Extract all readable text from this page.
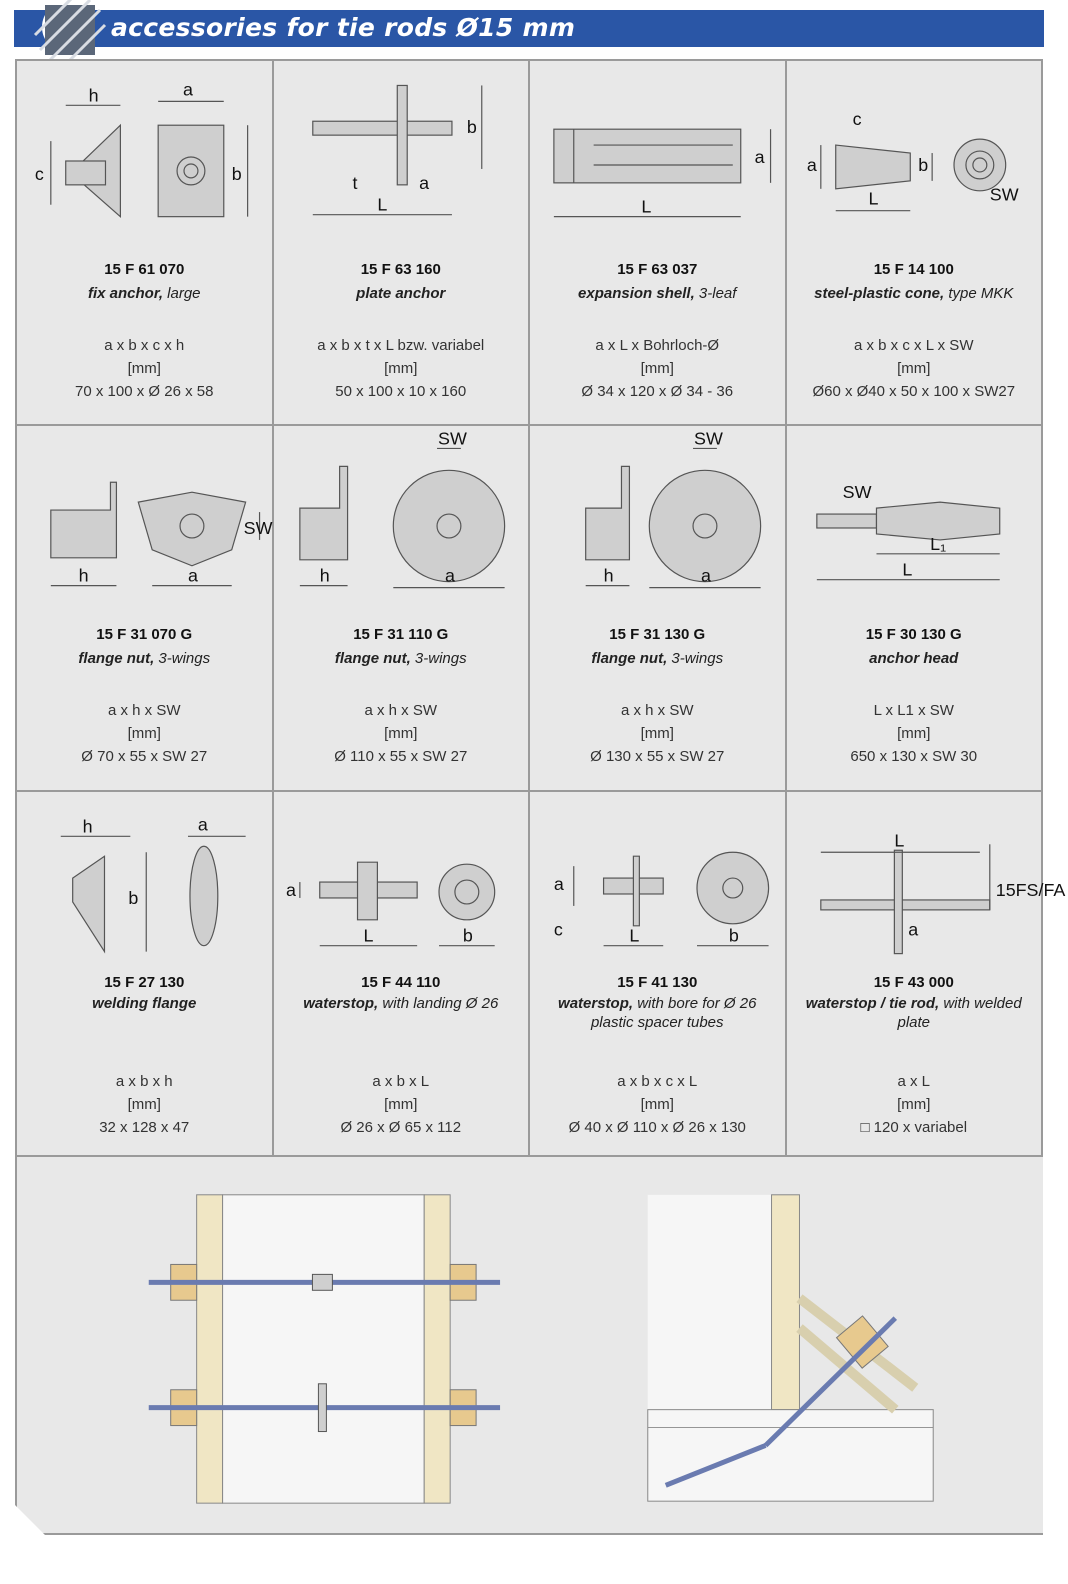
accessories for tie rods Ø15 mm
h	a
c	b
15 F 61 070
fix anchor, large
a x b x c x h
[mm]
70 x 100 x Ø 26 x 58
b
t	a
L
15 F 63 160
plate anchor
a x b x t x L bzw. variabel
[mm]
50 x 100 x 10 x 160
a
L
15 F 63 037
expansion shell, 3-leaf
a x L x Bohrloch-Ø
[mm]
Ø 34 x 120 x Ø 34 - 36
c
a	b
L	SW
15 F 14 100
steel-plastic cone, type MKK
a x b x c x L x SW
[mm]
Ø60 x Ø40 x 50 x 100 x SW27
h	a
SW
15 F 31 070 G
flange nut, 3-wings
a x h x SW
[mm]
Ø 70 x 55 x SW 27
SW
h	a
15 F 31 110 G
flange nut, 3-wings
a x h x SW
[mm]
Ø 110 x 55 x SW 27
SW
h	a
15 F 31 130 G
flange nut, 3-wings
a x h x SW
[mm]
Ø 130 x 55 x SW 27
SW
L₁
L
15 F 30 130 G
anchor head
L x L1 x SW
[mm]
650 x 130 x SW 30
h	a
b
15 F 27 130
welding flange
a x b x h
[mm]
32 x 128 x 47
a
L	b
15 F 44 110
waterstop, with landing Ø 26
a x b x L
[mm]
Ø 26 x Ø 65 x 112
a
c	L	b
15 F 41 130
waterstop, with bore for Ø 26 plastic spacer tubes
a x b x c x L
[mm]
Ø 40 x Ø 110 x Ø 26 x 130
L
15FS/FA
a
15 F 43 000
waterstop / tie rod, with welded plate
a x L
[mm]
□ 120 x variabel
